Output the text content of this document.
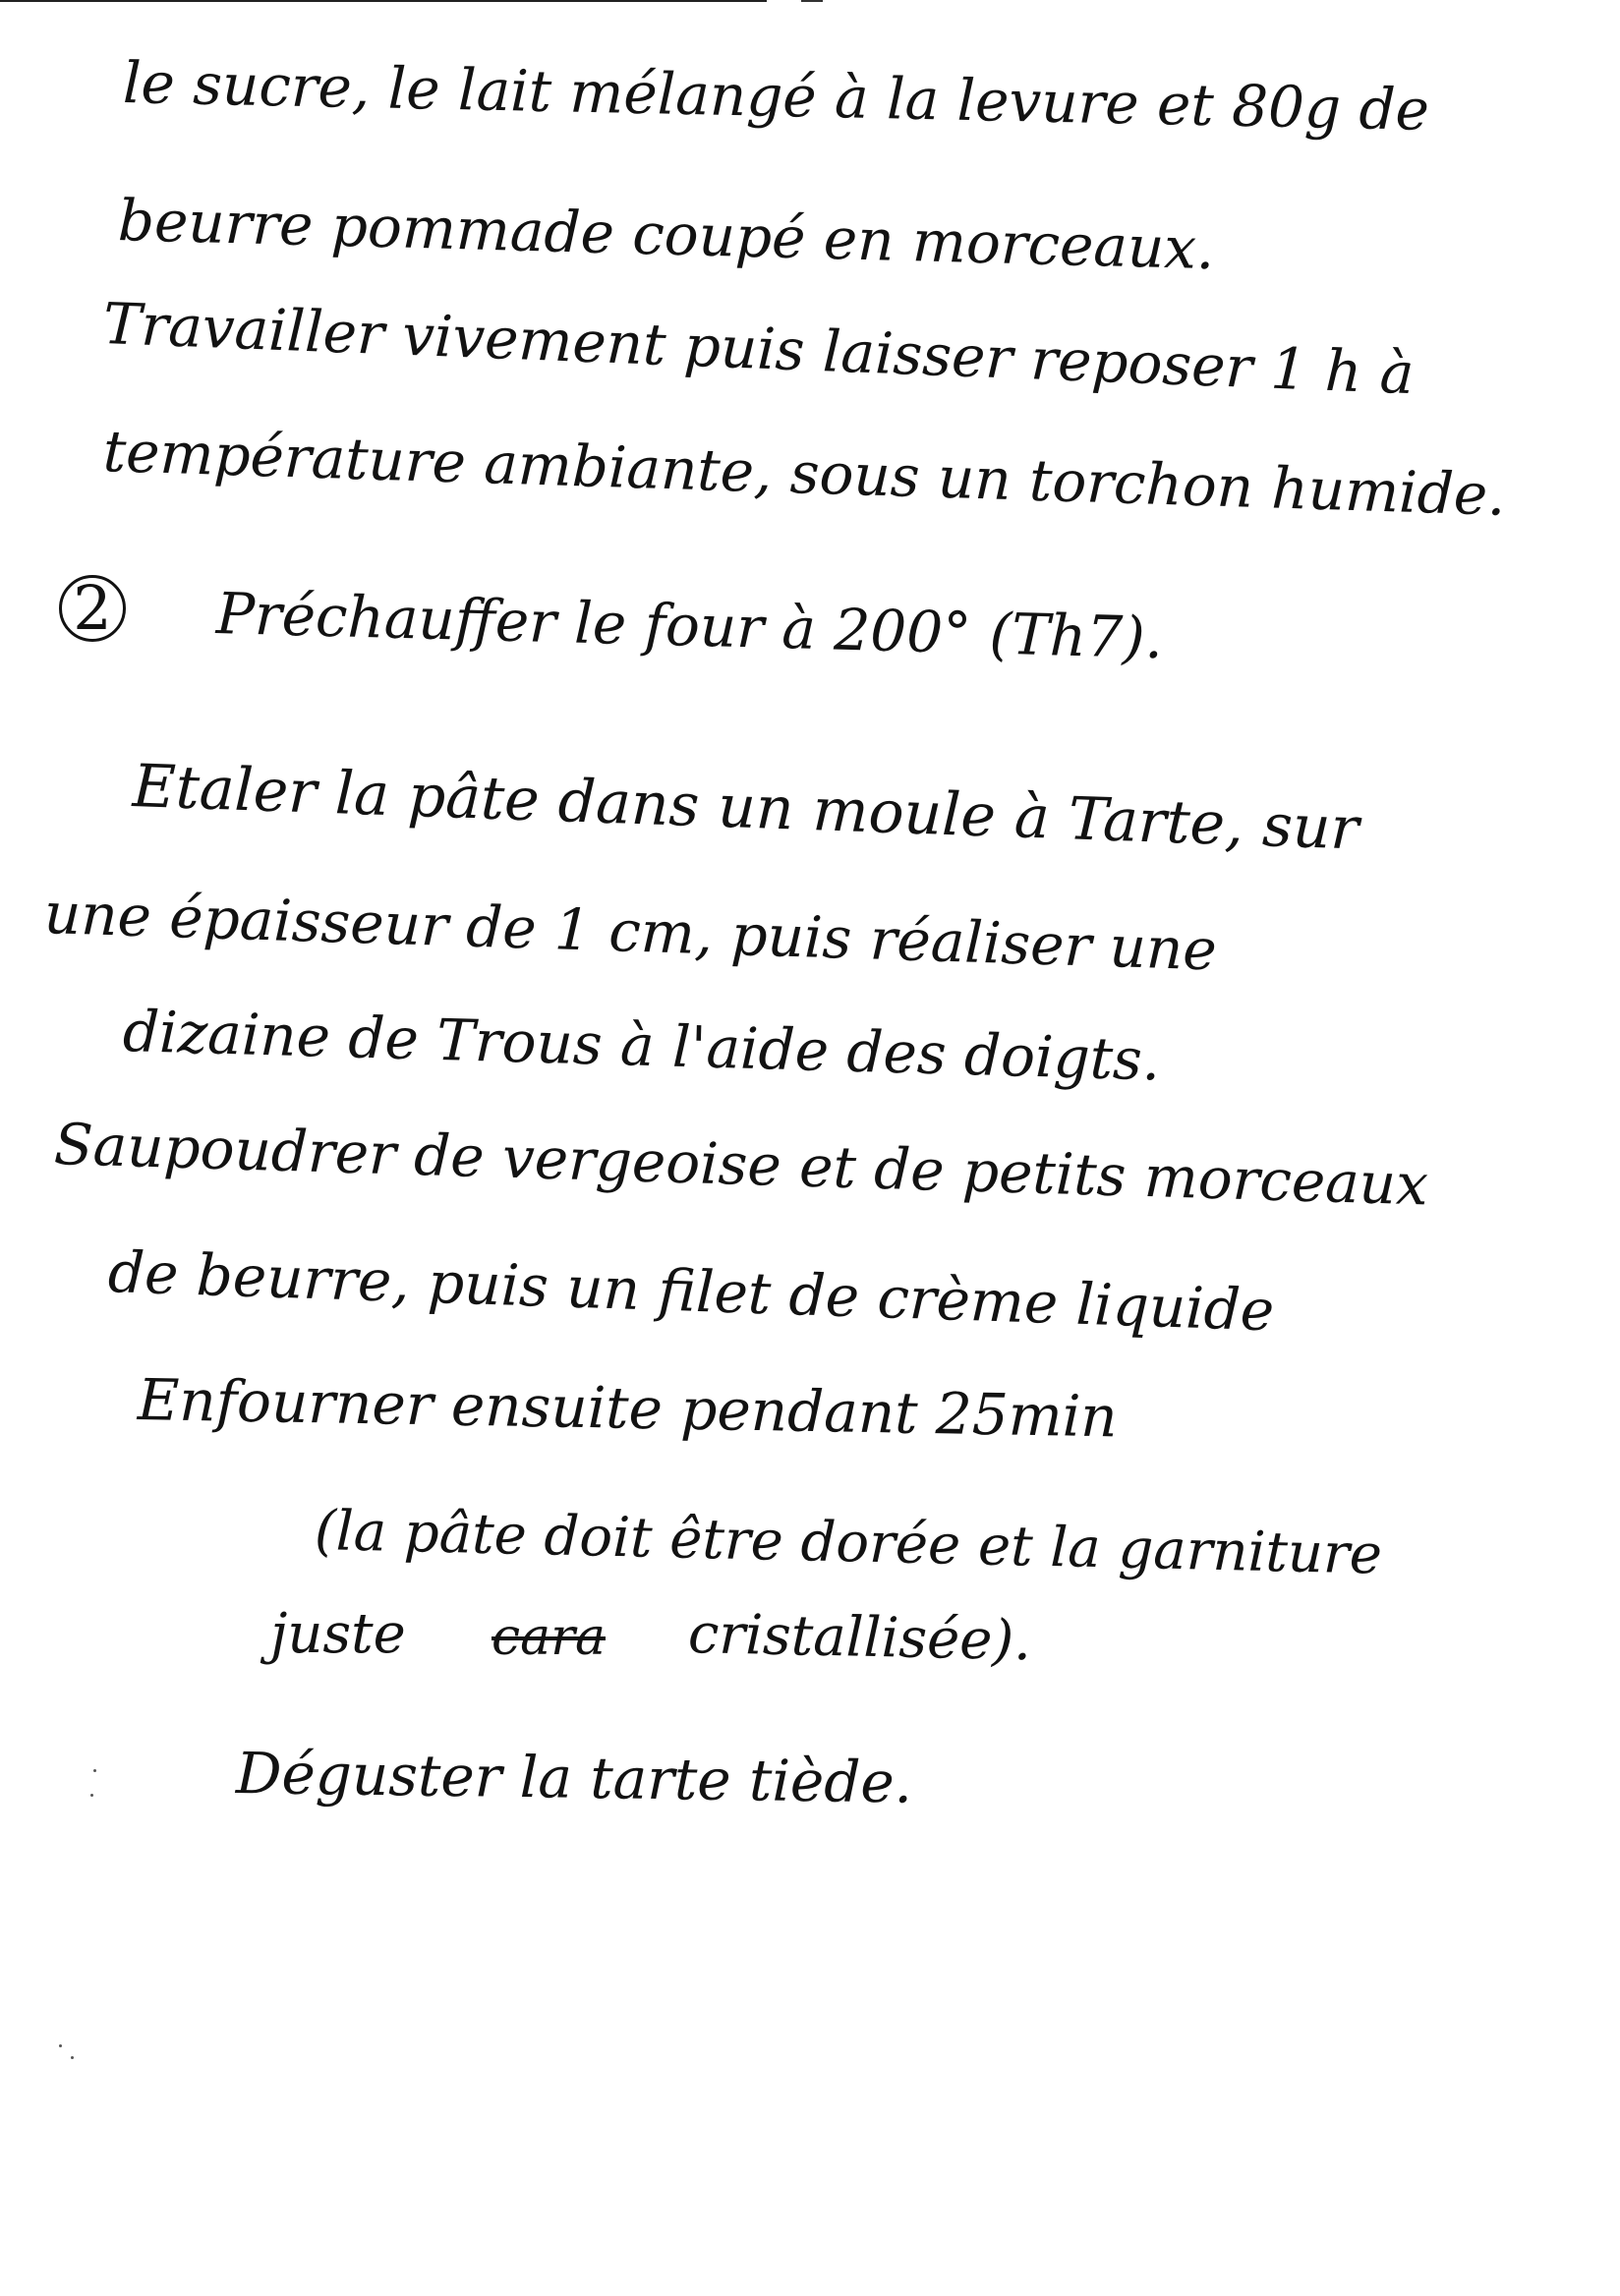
le sucre, le lait mélangé à la levure et 80g de
beurre pommade coupé en morceaux.
Travailler vivement puis laisser reposer 1 h à
température ambiante, sous un torchon humide.
2 Préchauffer le four à 200° (Th7).
Etaler la pâte dans un moule à Tarte, sur
une épaisseur de 1 cm, puis réaliser une
dizaine de Trous à l'aide des doigts.
Saupoudrer de vergeoise et de petits morceaux
de beurre, puis un filet de crème liquide
Enfourner ensuite pendant 25min
(la pâte doit être dorée et la garniture
juste cara cristallisée).
Déguster la tarte tiède.
